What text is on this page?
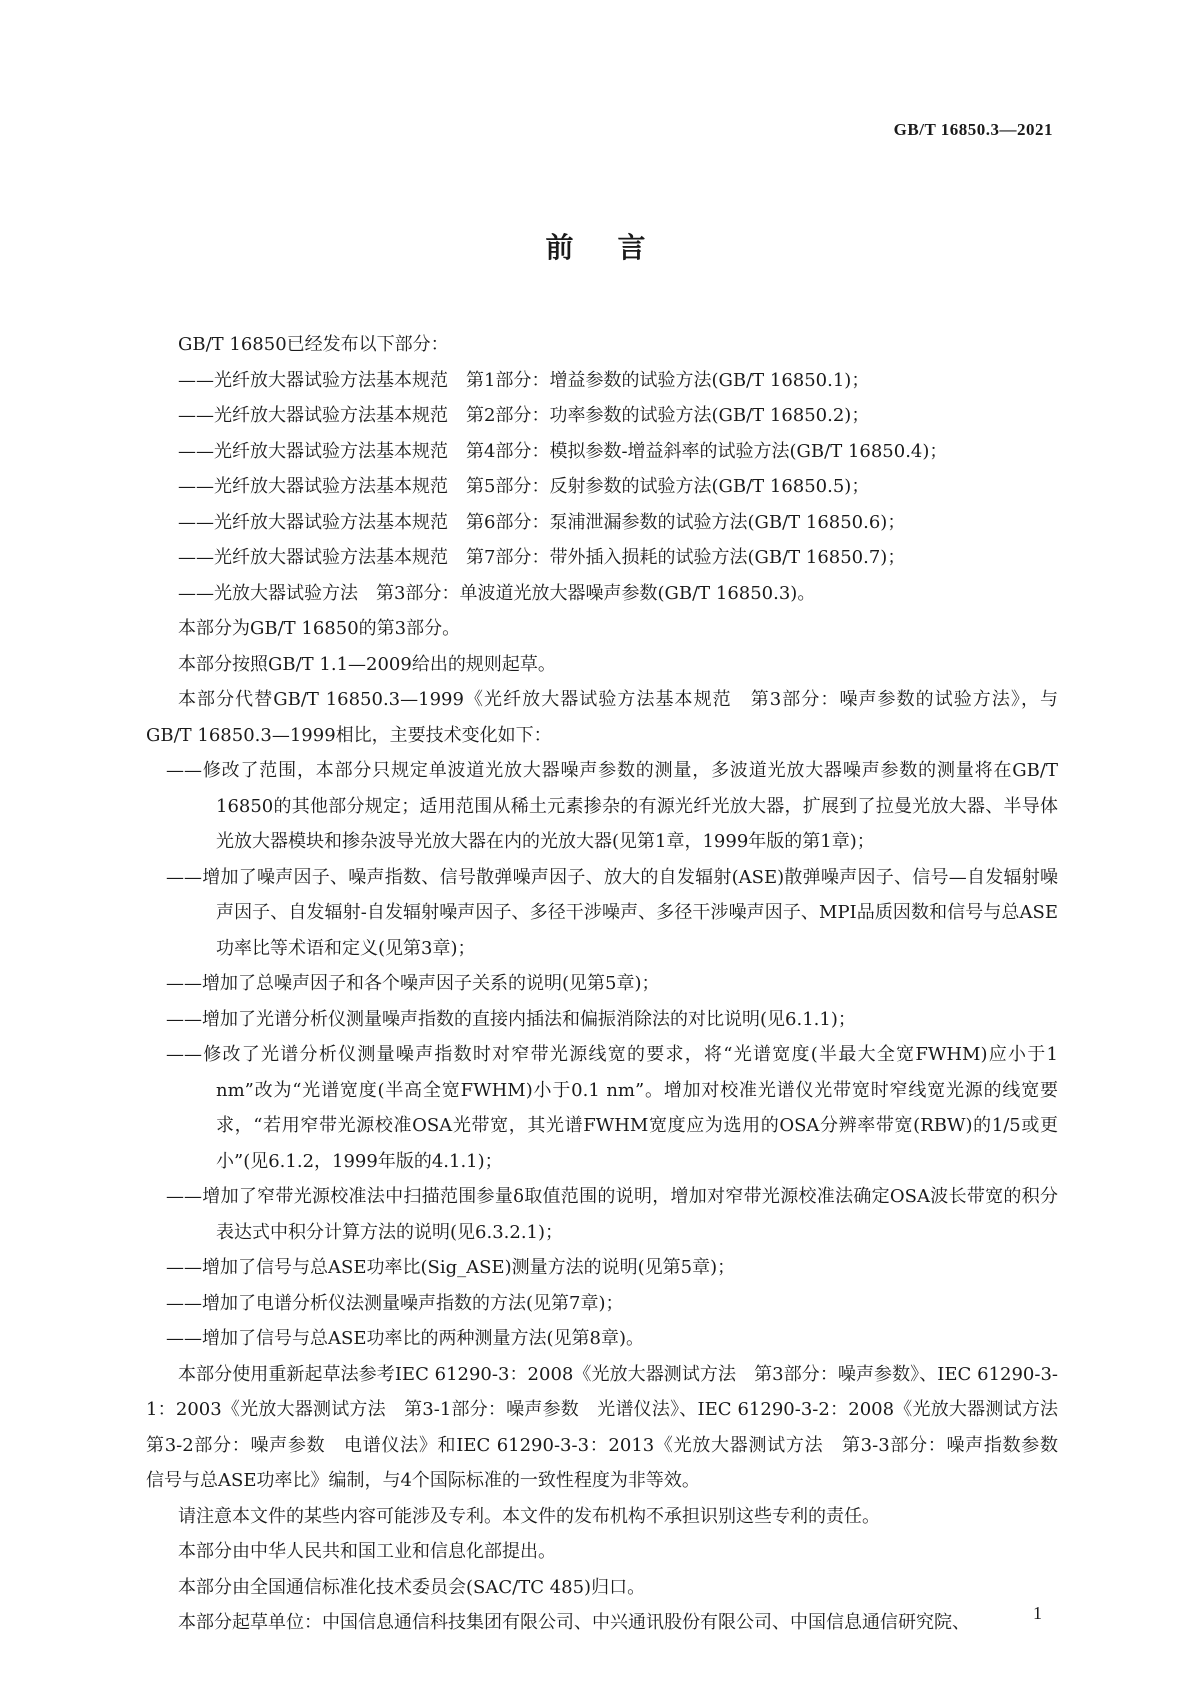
GB/T 16850.3—2021
前 言

GB/T 16850已经发布以下部分：

——光纤放大器试验方法基本规范　第1部分：增益参数的试验方法(GB/T 16850.1)；

——光纤放大器试验方法基本规范　第2部分：功率参数的试验方法(GB/T 16850.2)；

——光纤放大器试验方法基本规范　第4部分：模拟参数-增益斜率的试验方法(GB/T 16850.4)；

——光纤放大器试验方法基本规范　第5部分：反射参数的试验方法(GB/T 16850.5)；

——光纤放大器试验方法基本规范　第6部分：泵浦泄漏参数的试验方法(GB/T 16850.6)；

——光纤放大器试验方法基本规范　第7部分：带外插入损耗的试验方法(GB/T 16850.7)；

——光放大器试验方法　第3部分：单波道光放大器噪声参数(GB/T 16850.3)。

本部分为GB/T 16850的第3部分。

本部分按照GB/T 1.1—2009给出的规则起草。

本部分代替GB/T 16850.3—1999《光纤放大器试验方法基本规范　第3部分：噪声参数的试验方法》，与GB/T 16850.3—1999相比，主要技术变化如下：

——修改了范围，本部分只规定单波道光放大器噪声参数的测量，多波道光放大器噪声参数的测量将在GB/T 16850的其他部分规定；适用范围从稀土元素掺杂的有源光纤光放大器，扩展到了拉曼光放大器、半导体光放大器模块和掺杂波导光放大器在内的光放大器(见第1章，1999年版的第1章)；

——增加了噪声因子、噪声指数、信号散弹噪声因子、放大的自发辐射(ASE)散弹噪声因子、信号—自发辐射噪声因子、自发辐射-自发辐射噪声因子、多径干涉噪声、多径干涉噪声因子、MPI品质因数和信号与总ASE功率比等术语和定义(见第3章)；

——增加了总噪声因子和各个噪声因子关系的说明(见第5章)；

——增加了光谱分析仪测量噪声指数的直接内插法和偏振消除法的对比说明(见6.1.1)；

——修改了光谱分析仪测量噪声指数时对窄带光源线宽的要求，将“光谱宽度(半最大全宽FWHM)应小于1 nm”改为“光谱宽度(半高全宽FWHM)小于0.1 nm”。增加对校准光谱仪光带宽时窄线宽光源的线宽要求，“若用窄带光源校准OSA光带宽，其光谱FWHM宽度应为选用的OSA分辨率带宽(RBW)的1/5或更小”(见6.1.2，1999年版的4.1.1)；

——增加了窄带光源校准法中扫描范围参量δ取值范围的说明，增加对窄带光源校准法确定OSA波长带宽的积分表达式中积分计算方法的说明(见6.3.2.1)；

——增加了信号与总ASE功率比(Sig_ASE)测量方法的说明(见第5章)；

——增加了电谱分析仪法测量噪声指数的方法(见第7章)；

——增加了信号与总ASE功率比的两种测量方法(见第8章)。

本部分使用重新起草法参考IEC 61290-3：2008《光放大器测试方法　第3部分：噪声参数》、IEC 61290-3-1：2003《光放大器测试方法　第3-1部分：噪声参数　光谱仪法》、IEC 61290-3-2：2008《光放大器测试方法　第3-2部分：噪声参数　电谱仪法》和IEC 61290-3-3：2013《光放大器测试方法　第3-3部分：噪声指数参数　信号与总ASE功率比》编制，与4个国际标准的一致性程度为非等效。

请注意本文件的某些内容可能涉及专利。本文件的发布机构不承担识别这些专利的责任。

本部分由中华人民共和国工业和信息化部提出。

本部分由全国通信标准化技术委员会(SAC/TC 485)归口。

本部分起草单位：中国信息通信科技集团有限公司、中兴通讯股份有限公司、中国信息通信研究院、	1
